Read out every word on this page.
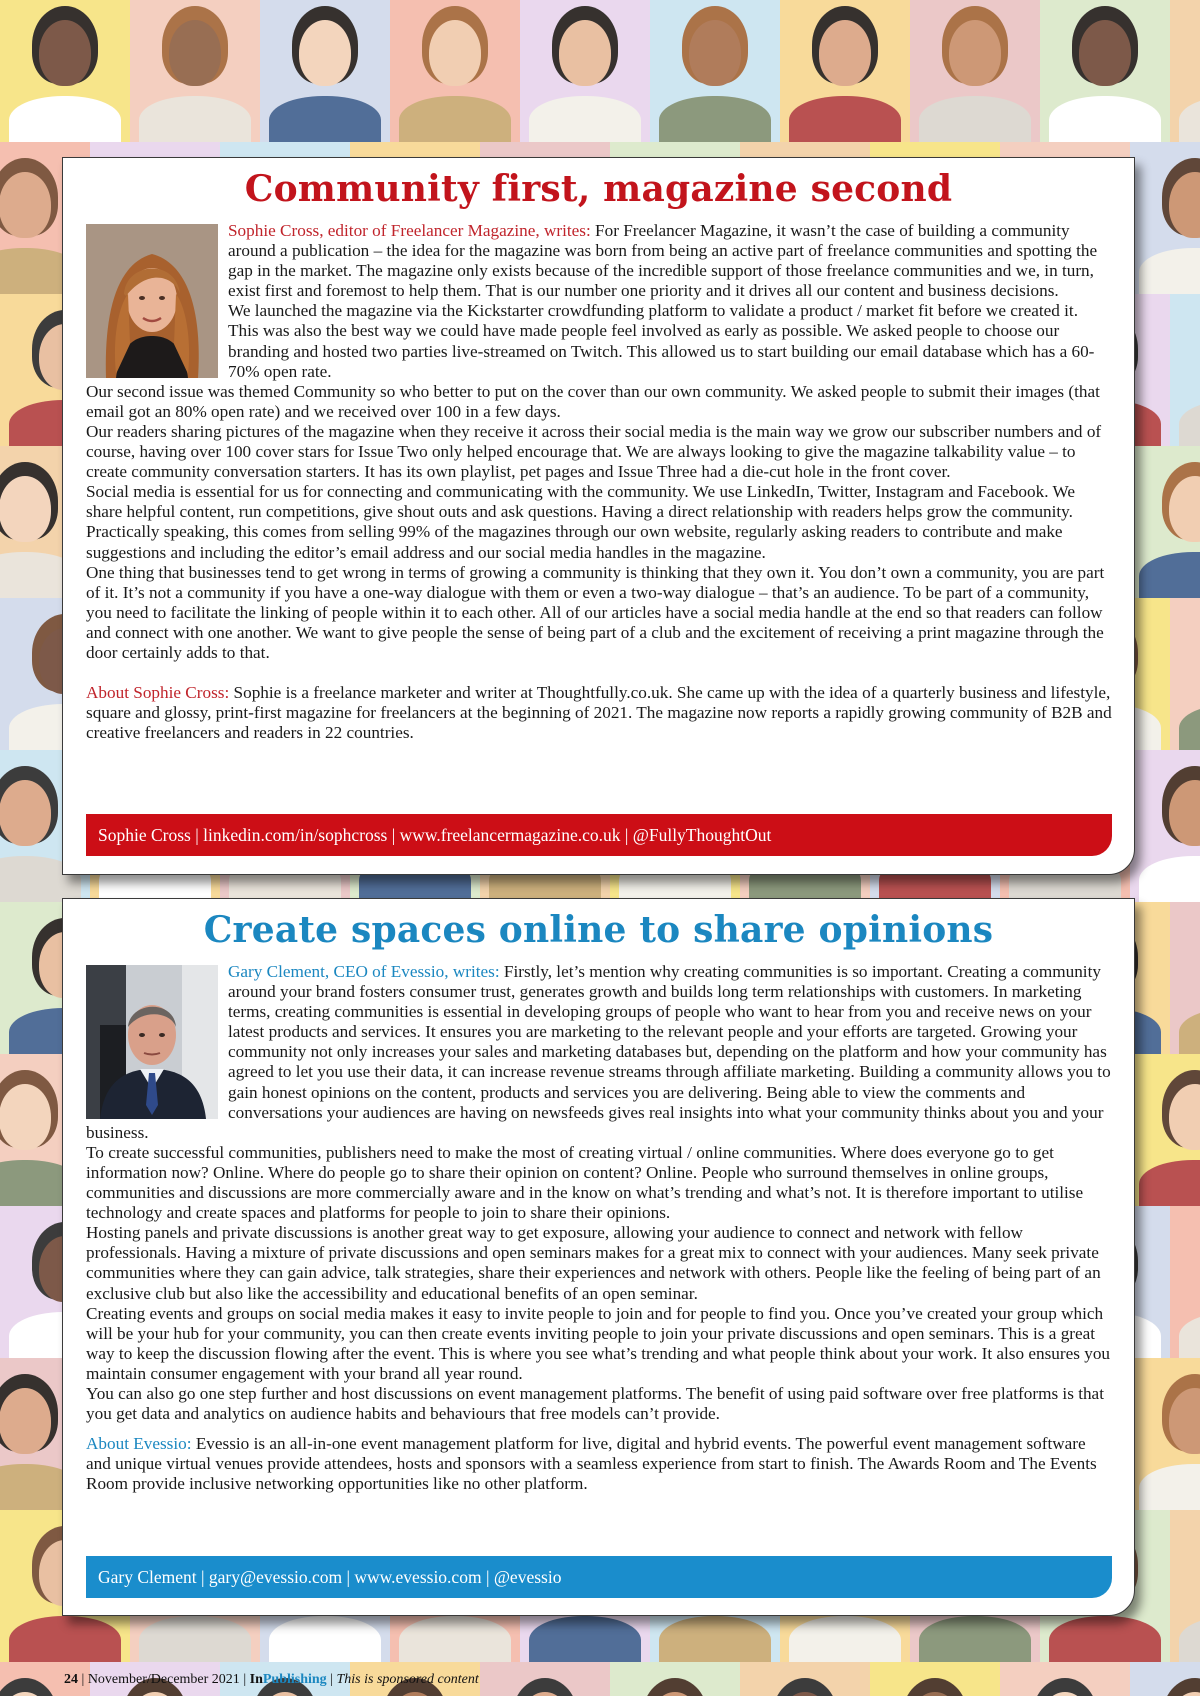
Community first, magazine second

Sophie Cross, editor of Freelancer Magazine, writes: For Freelancer Magazine, it wasn’t the case of building a community around a publication – the idea for the magazine was born from being an active part of freelance communities and spotting the gap in the market. The magazine only exists because of the incredible support of those freelance communities and we, in turn, exist first and foremost to help them. That is our number one priority and it drives all our content and business decisions.

We launched the magazine via the Kickstarter crowdfunding platform to validate a product / market fit before we created it. This was also the best way we could have made people feel involved as early as possible. We asked people to choose our branding and hosted two parties live-streamed on Twitch. This allowed us to start building our email database which has a 60-70% open rate.

Our second issue was themed Community so who better to put on the cover than our own community. We asked people to submit their images (that email got an 80% open rate) and we received over 100 in a few days.

Our readers sharing pictures of the magazine when they receive it across their social media is the main way we grow our subscriber numbers and of course, having over 100 cover stars for Issue Two only helped encourage that. We are always looking to give the magazine talkability value – to create community conversation starters. It has its own playlist, pet pages and Issue Three had a die-cut hole in the front cover.

Social media is essential for us for connecting and communicating with the community. We use LinkedIn, Twitter, Instagram and Facebook. We share helpful content, run competitions, give shout outs and ask questions. Having a direct relationship with readers helps grow the community. Practically speaking, this comes from selling 99% of the magazines through our own website, regularly asking readers to contribute and make suggestions and including the editor’s email address and our social media handles in the magazine.

One thing that businesses tend to get wrong in terms of growing a community is thinking that they own it. You don’t own a community, you are part of it. It’s not a community if you have a one-way dialogue with them or even a two-way dialogue – that’s an audience. To be part of a community, you need to facilitate the linking of people within it to each other. All of our articles have a social media handle at the end so that readers can follow and connect with one another. We want to give people the sense of being part of a club and the excitement of receiving a print magazine through the door certainly adds to that.

About Sophie Cross: Sophie is a freelance marketer and writer at Thoughtfully.co.uk. She came up with the idea of a quarterly business and lifestyle, square and glossy, print-first magazine for freelancers at the beginning of 2021. The magazine now reports a rapidly growing community of B2B and creative freelancers and readers in 22 countries.

Sophie Cross | linkedin.com/in/sophcross | www.freelancermagazine.co.uk | @FullyThoughtOut
Create spaces online to share opinions

Gary Clement, CEO of Evessio, writes: Firstly, let’s mention why creating communities is so important. Creating a community around your brand fosters consumer trust, generates growth and builds long term relationships with customers. In marketing terms, creating communities is essential in developing groups of people who want to hear from you and receive news on your latest products and services. It ensures you are marketing to the relevant people and your efforts are targeted. Growing your community not only increases your sales and marketing databases but, depending on the platform and how your community has agreed to let you use their data, it can increase revenue streams through affiliate marketing. Building a community allows you to gain honest opinions on the content, products and services you are delivering. Being able to view the comments and conversations your audiences are having on newsfeeds gives real insights into what your community thinks about you and your business.

To create successful communities, publishers need to make the most of creating virtual / online communities. Where does everyone go to get information now? Online. Where do people go to share their opinion on content? Online. People who surround themselves in online groups, communities and discussions are more commercially aware and in the know on what’s trending and what’s not. It is therefore important to utilise technology and create spaces and platforms for people to join to share their opinions.

Hosting panels and private discussions is another great way to get exposure, allowing your audience to connect and network with fellow professionals. Having a mixture of private discussions and open seminars makes for a great mix to connect with your audiences. Many seek private communities where they can gain advice, talk strategies, share their experiences and network with others. People like the feeling of being part of an exclusive club but also like the accessibility and educational benefits of an open seminar.

Creating events and groups on social media makes it easy to invite people to join and for people to find you. Once you’ve created your group which will be your hub for your community, you can then create events inviting people to join your private discussions and open seminars. This is a great way to keep the discussion flowing after the event. This is where you see what’s trending and what people think about your work. It also ensures you maintain consumer engagement with your brand all year round.

You can also go one step further and host discussions on event management platforms. The benefit of using paid software over free platforms is that you get data and analytics on audience habits and behaviours that free models can’t provide.

About Evessio: Evessio is an all-in-one event management platform for live, digital and hybrid events. The powerful event management software and unique virtual venues provide attendees, hosts and sponsors with a seamless experience from start to finish. The Awards Room and The Events Room provide inclusive networking opportunities like no other platform.

Gary Clement | gary@evessio.com | www.evessio.com | @evessio
24 | November/December 2021 | InPublishing | This is sponsored content
